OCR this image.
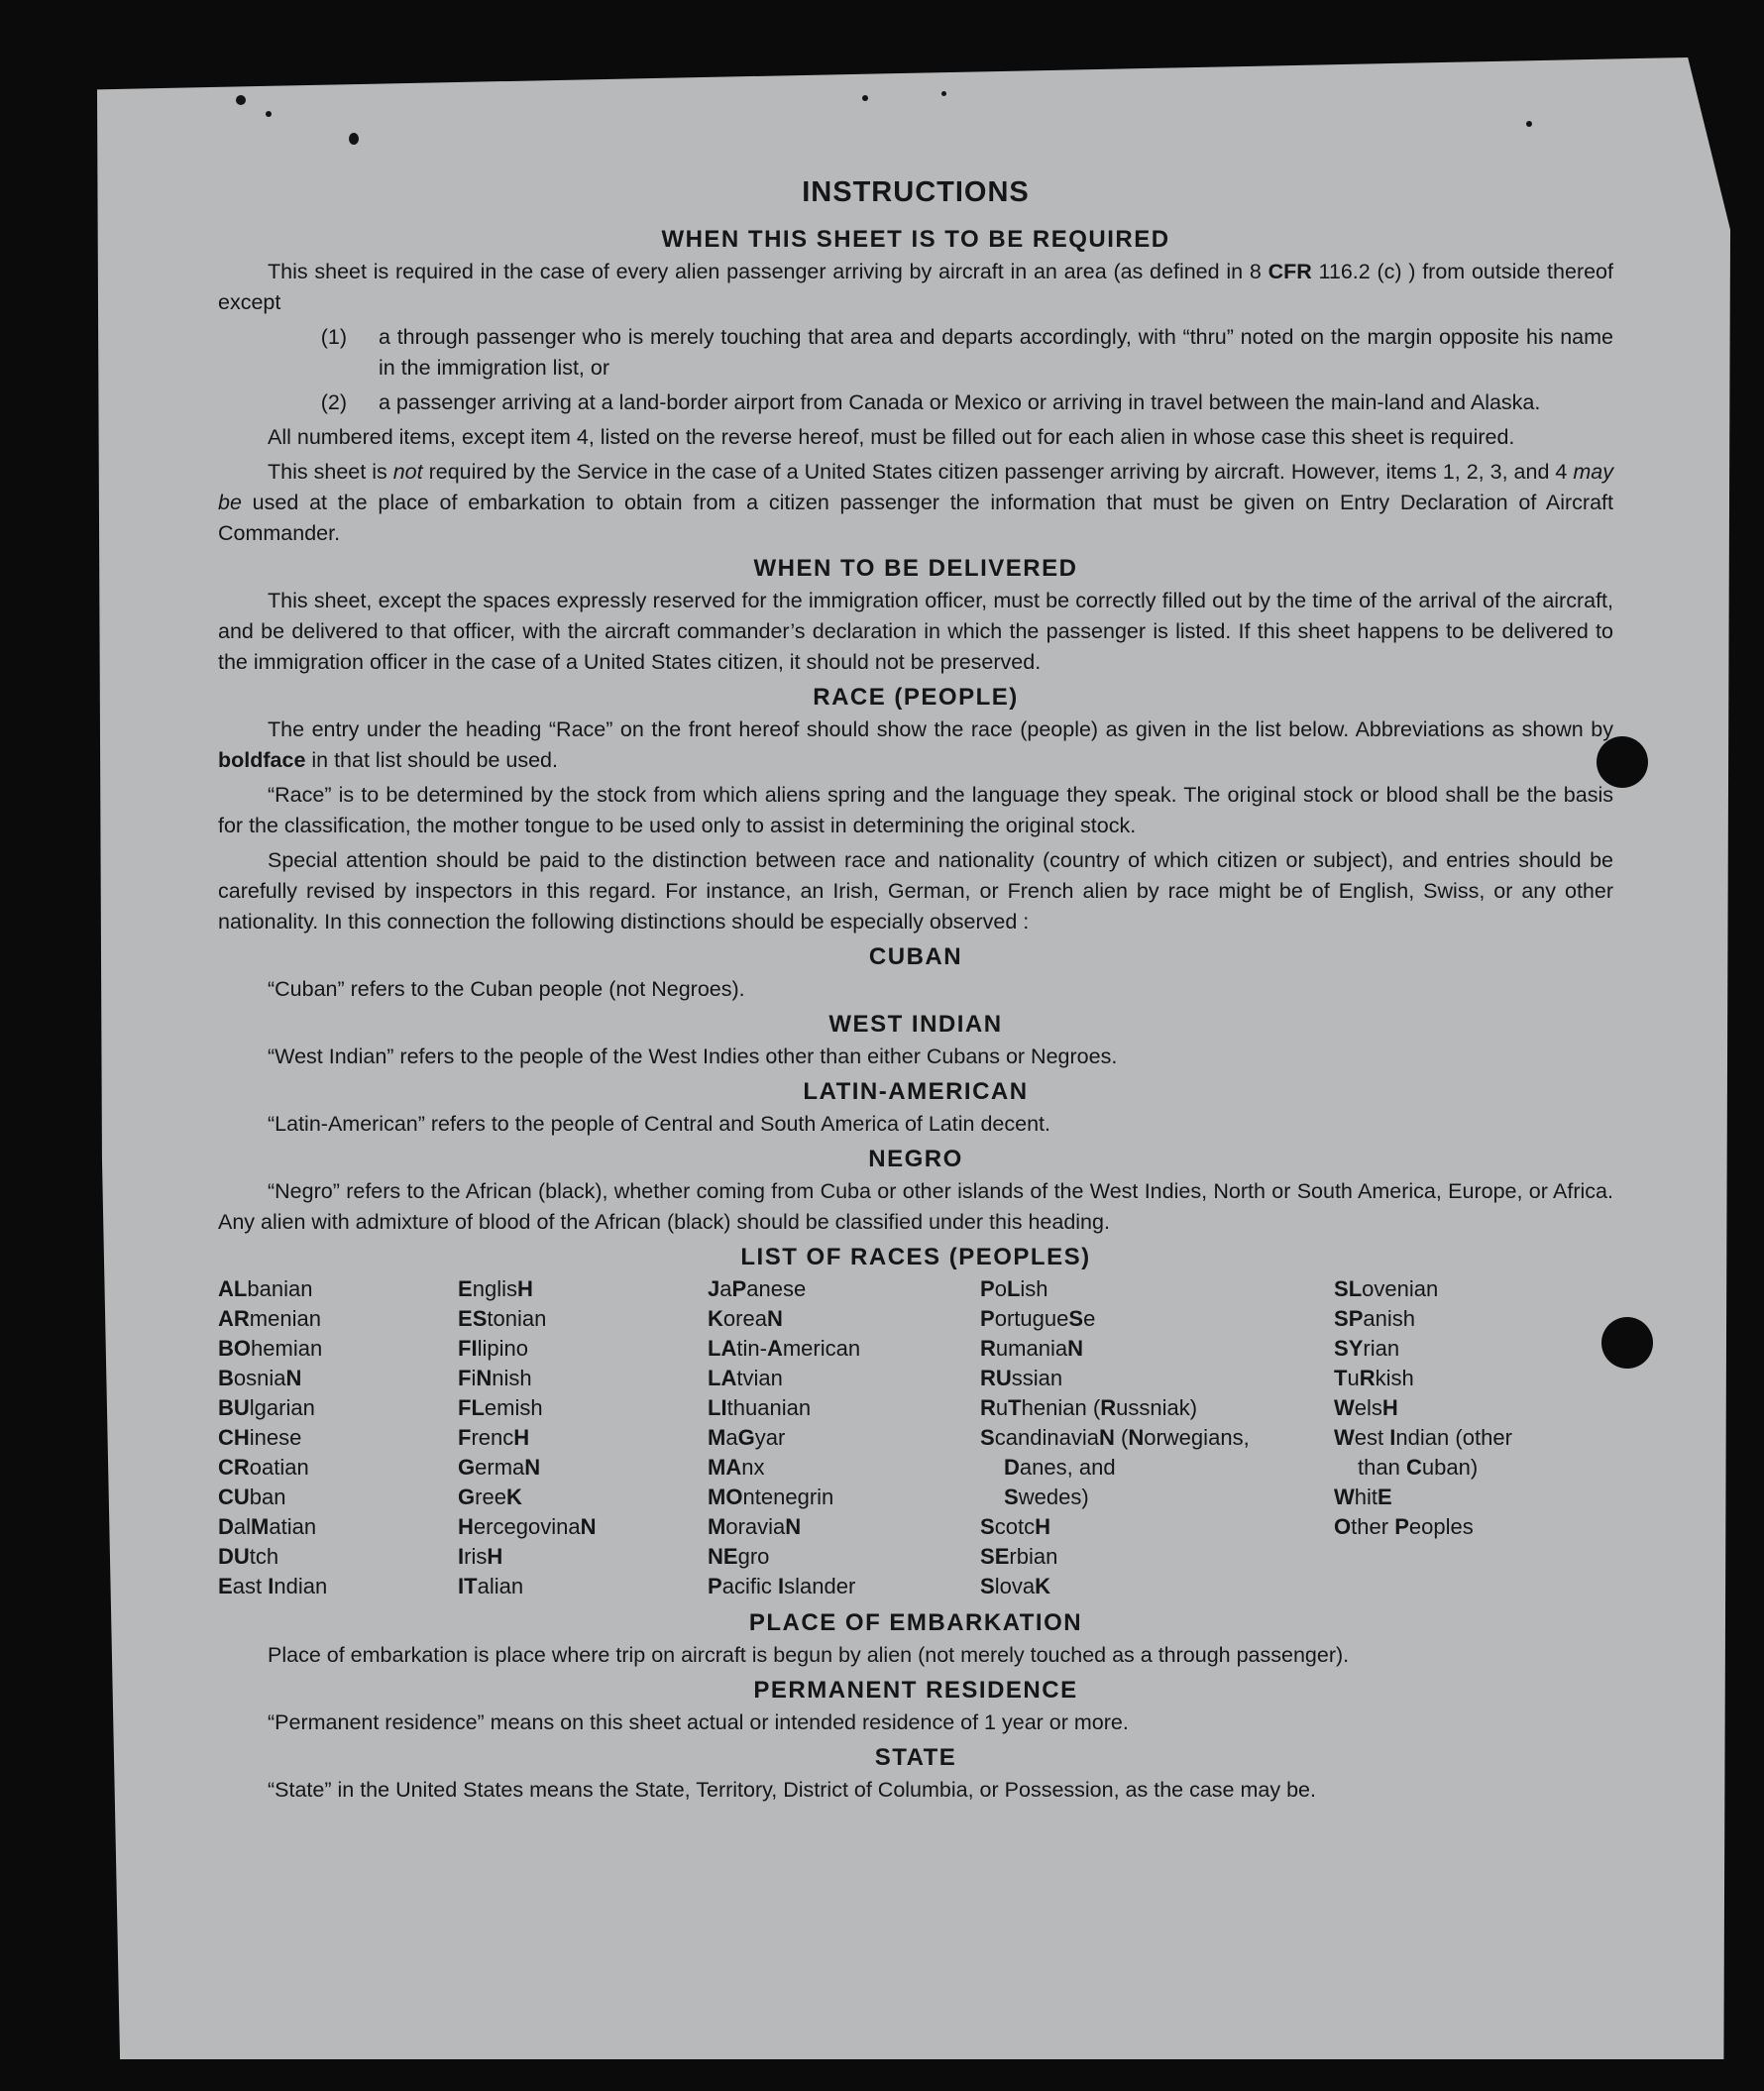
INSTRUCTIONS
WHEN THIS SHEET IS TO BE REQUIRED

This sheet is required in the case of every alien passenger arriving by aircraft in an area (as defined in 8 CFR 116.2 (c) ) from outside thereof except

(1)	a through passenger who is merely touching that area and departs accordingly, with “thru” noted on the margin opposite his name in the immigration list, or
(2)	a passenger arriving at a land-border airport from Canada or Mexico or arriving in travel between the main-land and Alaska.

All numbered items, except item 4, listed on the reverse hereof, must be filled out for each alien in whose case this sheet is required.

This sheet is not required by the Service in the case of a United States citizen passenger arriving by aircraft. However, items 1, 2, 3, and 4 may be used at the place of embarkation to obtain from a citizen passenger the information that must be given on Entry Declaration of Aircraft Commander.

WHEN TO BE DELIVERED

This sheet, except the spaces expressly reserved for the immigration officer, must be correctly filled out by the time of the arrival of the aircraft, and be delivered to that officer, with the aircraft commander’s declaration in which the passenger is listed. If this sheet happens to be delivered to the immigration officer in the case of a United States citizen, it should not be preserved.

RACE (PEOPLE)

The entry under the heading “Race” on the front hereof should show the race (people) as given in the list below. Abbreviations as shown by boldface in that list should be used.

“Race” is to be determined by the stock from which aliens spring and the language they speak. The original stock or blood shall be the basis for the classification, the mother tongue to be used only to assist in determining the original stock.

Special attention should be paid to the distinction between race and nationality (country of which citizen or subject), and entries should be carefully revised by inspectors in this regard. For instance, an Irish, German, or French alien by race might be of English, Swiss, or any other nationality. In this connection the following distinctions should be especially observed :

CUBAN

“Cuban” refers to the Cuban people (not Negroes).

WEST INDIAN

“West Indian” refers to the people of the West Indies other than either Cubans or Negroes.

LATIN-AMERICAN

“Latin-American” refers to the people of Central and South America of Latin decent.

NEGRO

“Negro” refers to the African (black), whether coming from Cuba or other islands of the West Indies, North or South America, Europe, or Africa. Any alien with admixture of blood of the African (black) should be classified under this heading.

LIST OF RACES (PEOPLES)
ALbanian
ARmenian
BOhemian
BosniaN
BUlgarian
CHinese
CRoatian
CUban
DalMatian
DUtch
East Indian
EnglisH
EStonian
FIlipino
FiNnish
FLemish
FrencH
GermaN
GreeK
HercegovinaN
IrisH
ITalian
JaPanese
KoreaN
LAtin-American
LAtvian
LIthuanian
MaGyar
MAnx
MOntenegrin
MoraviaN
NEgro
Pacific Islander
PoLish
PortugueSe
RumaniaN
RUssian
RuThenian (Russniak)
ScandinaviaN (Norwegians,
Danes, and
Swedes)
ScotcH
SErbian
SlovaK
SLovenian
SPanish
SYrian
TuRkish
WelsH
West Indian (other
than Cuban)
WhitE
Other Peoples
PLACE OF EMBARKATION

Place of embarkation is place where trip on aircraft is begun by alien (not merely touched as a through passenger).

PERMANENT RESIDENCE

“Permanent residence” means on this sheet actual or intended residence of 1 year or more.

STATE

“State” in the United States means the State, Territory, District of Columbia, or Possession, as the case may be.
